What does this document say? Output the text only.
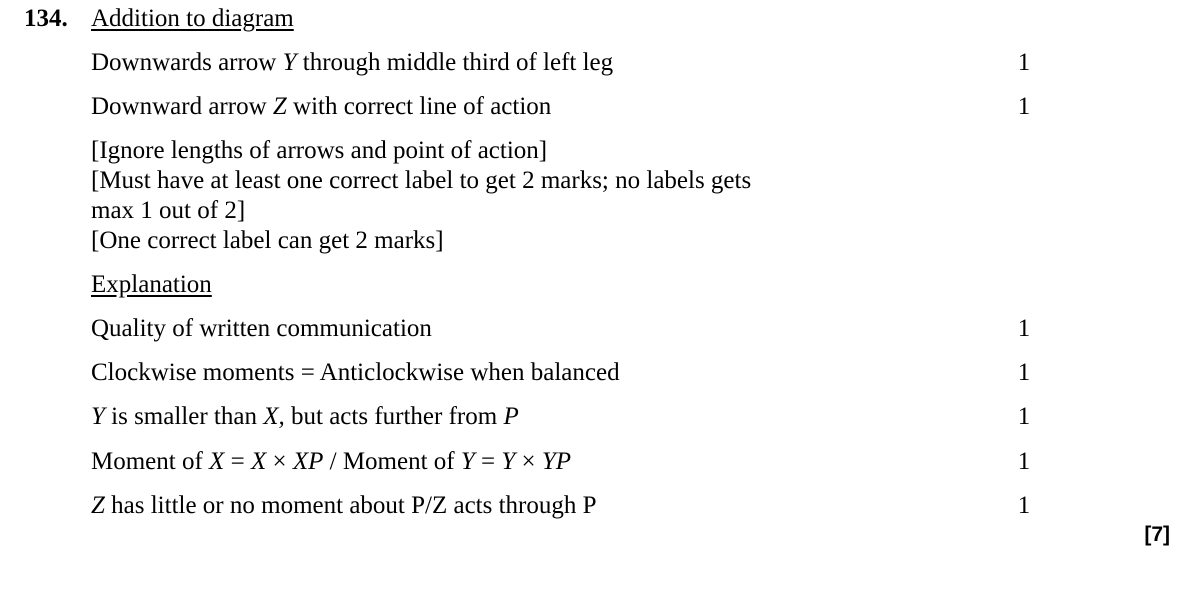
134. Addition to diagram
Downwards arrow Y through middle third of left leg	1
Downward arrow Z with correct line of action	1
[Ignore lengths of arrows and point of action]
[Must have at least one correct label to get 2 marks; no labels gets
max 1 out of 2]
[One correct label can get 2 marks]
Explanation
Quality of written communication	1
Clockwise moments = Anticlockwise when balanced	1
Y is smaller than X, but acts further from P	1
Moment of X = X × XP / Moment of Y = Y × YP	1
Z has little or no moment about P/Z acts through P	1
[7]
